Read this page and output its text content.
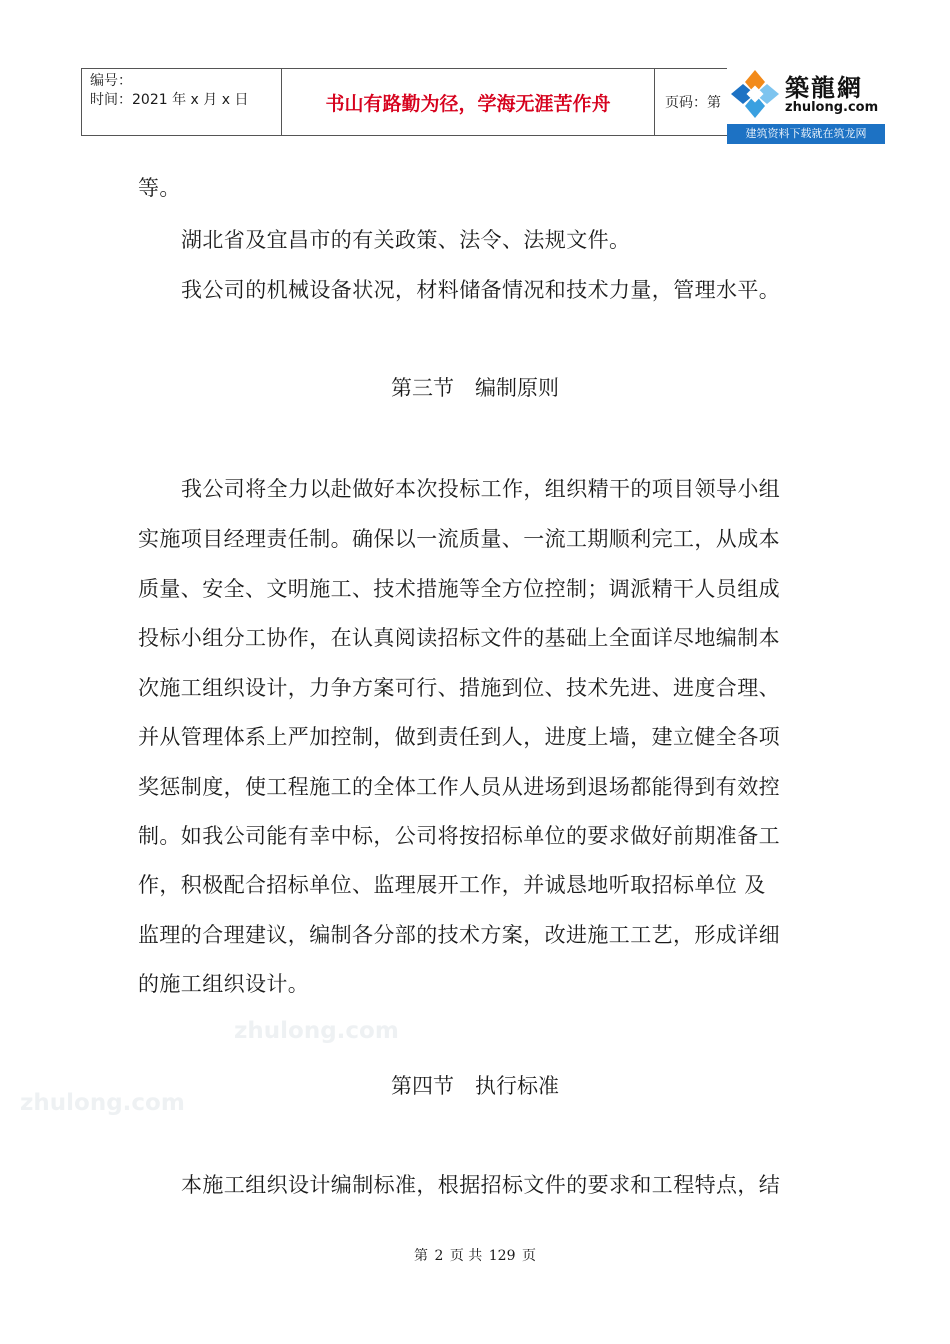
编号：
时间：2021 年 x 月 x 日	书山有路勤为径，学海无涯苦作舟	页码：第
築龍網
zhulong.com
建筑资料下载就在筑龙网
等。
湖北省及宜昌市的有关政策、法令、法规文件。
我公司的机械设备状况，材料储备情况和技术力量，管理水平。
第三节　编制原则
我公司将全力以赴做好本次投标工作，组织精干的项目领导小组
实施项目经理责任制。确保以一流质量、一流工期顺利完工，从成本
质量、安全、文明施工、技术措施等全方位控制；调派精干人员组成
投标小组分工协作，在认真阅读招标文件的基础上全面详尽地编制本
次施工组织设计，力争方案可行、措施到位、技术先进、进度合理、
并从管理体系上严加控制，做到责任到人，进度上墙，建立健全各项
奖惩制度，使工程施工的全体工作人员从进场到退场都能得到有效控
制。如我公司能有幸中标，公司将按招标单位的要求做好前期准备工
作，积极配合招标单位、监理展开工作，并诚恳地听取招标单位 及
监理的合理建议，编制各分部的技术方案，改进施工工艺，形成详细
的施工组织设计。
zhulong.com
zhulong.com
第四节　执行标准
本施工组织设计编制标准，根据招标文件的要求和工程特点，结
第 2 页 共 129 页
